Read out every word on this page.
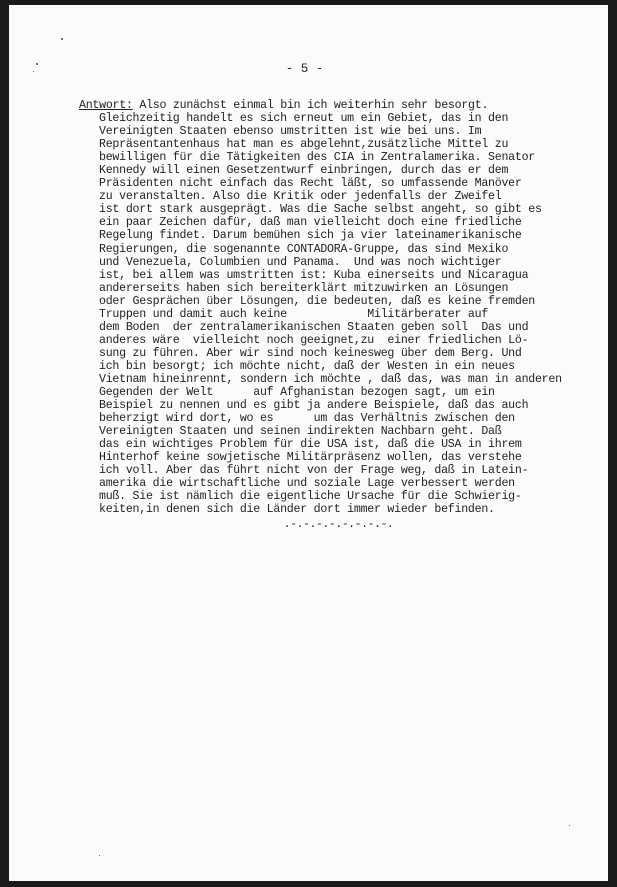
- 5 -
Antwort: Also zunächst einmal bin ich weiterhin sehr besorgt.
Gleichzeitig handelt es sich erneut um ein Gebiet, das in den
Vereinigten Staaten ebenso umstritten ist wie bei uns. Im
Repräsentantenhaus hat man es abgelehnt,zusätzliche Mittel zu
bewilligen für die Tätigkeiten des CIA in Zentralamerika. Senator
Kennedy will einen Gesetzentwurf einbringen, durch das er dem
Präsidenten nicht einfach das Recht läßt, so umfassende Manöver
zu veranstalten. Also die Kritik oder jedenfalls der Zweifel
ist dort stark ausgeprägt. Was die Sache selbst angeht, so gibt es
ein paar Zeichen dafür, daß man vielleicht doch eine friedliche
Regelung findet. Darum bemühen sich ja vier lateinamerikanische
Regierungen, die sogenannte CONTADORA-Gruppe, das sind Mexiko
und Venezuela, Columbien und Panama.  Und was noch wichtiger
ist, bei allem was umstritten ist: Kuba einerseits und Nicaragua
andererseits haben sich bereiterklärt mitzuwirken an Lösungen
oder Gesprächen über Lösungen, die bedeuten, daß es keine fremden
Truppen und damit auch keine            Militärberater auf
dem Boden  der zentralamerikanischen Staaten geben soll  Das und
anderes wäre  vielleicht noch geeignet,zu  einer friedlichen Lö-
sung zu führen. Aber wir sind noch keinesweg über dem Berg. Und
ich bin besorgt; ich möchte nicht, daß der Westen in ein neues
Vietnam hineinrennt, sondern ich möchte , daß das, was man in anderen
Gegenden der Welt      auf Afghanistan bezogen sagt, um ein
Beispiel zu nennen und es gibt ja andere Beispiele, daß das auch
beherzigt wird dort, wo es      um das Verhältnis zwischen den
Vereinigten Staaten und seinen indirekten Nachbarn geht. Daß
das ein wichtiges Problem für die USA ist, daß die USA in ihrem
Hinterhof keine sowjetische Militärpräsenz wollen, das verstehe
ich voll. Aber das führt nicht von der Frage weg, daß in Latein-
amerika die wirtschaftliche und soziale Lage verbessert werden
muß. Sie ist nämlich die eigentliche Ursache für die Schwierig-
keiten,in denen sich die Länder dort immer wieder befinden.
.-.-.-.-.-.-.-.-.
